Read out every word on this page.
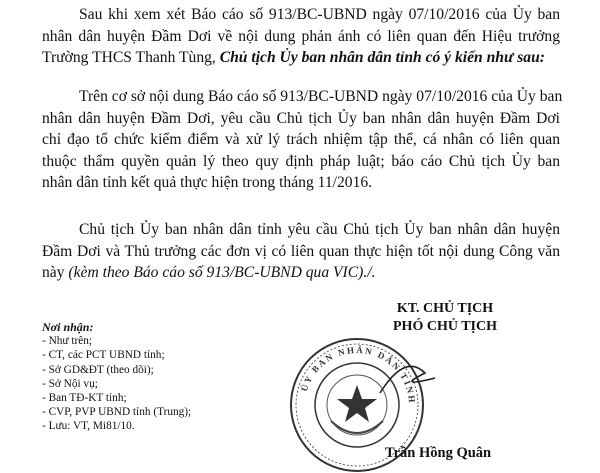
Sau khi xem xét Báo cáo số 913/BC-UBND ngày 07/10/2016 của Ủy ban
nhân dân huyện Đầm Dơi về nội dung phản ánh có liên quan đến Hiệu trưởng
Trường THCS Thanh Tùng, Chủ tịch Ủy ban nhân dân tỉnh có ý kiến như sau:
Trên cơ sở nội dung Báo cáo số 913/BC-UBND ngày 07/10/2016 của Ủy ban
nhân dân huyện Đầm Dơi, yêu cầu Chủ tịch Ủy ban nhân dân huyện Đầm Dơi
chỉ đạo tổ chức kiểm điểm và xử lý trách nhiệm tập thể, cá nhân có liên quan
thuộc thẩm quyền quản lý theo quy định pháp luật; báo cáo Chủ tịch Ủy ban
nhân dân tỉnh kết quả thực hiện trong tháng 11/2016.
Chủ tịch Ủy ban nhân dân tỉnh yêu cầu Chủ tịch Ủy ban nhân dân huyện
Đầm Dơi và Thủ trưởng các đơn vị có liên quan thực hiện tốt nội dung Công văn
này (kèm theo Báo cáo số 913/BC-UBND qua VIC)./.
Nơi nhận:
- Như trên;
- CT, các PCT UBND tỉnh;
- Sở GD&ĐT (theo dõi);
- Sở Nội vụ;
- Ban TĐ-KT tỉnh;
- CVP, PVP UBND tỉnh (Trung);
- Lưu: VT, Mi81/10.
KT. CHỦ TỊCH
PHÓ CHỦ TỊCH
ỦY BAN NHÂN DÂN TỈNH
Trần Hồng Quân
